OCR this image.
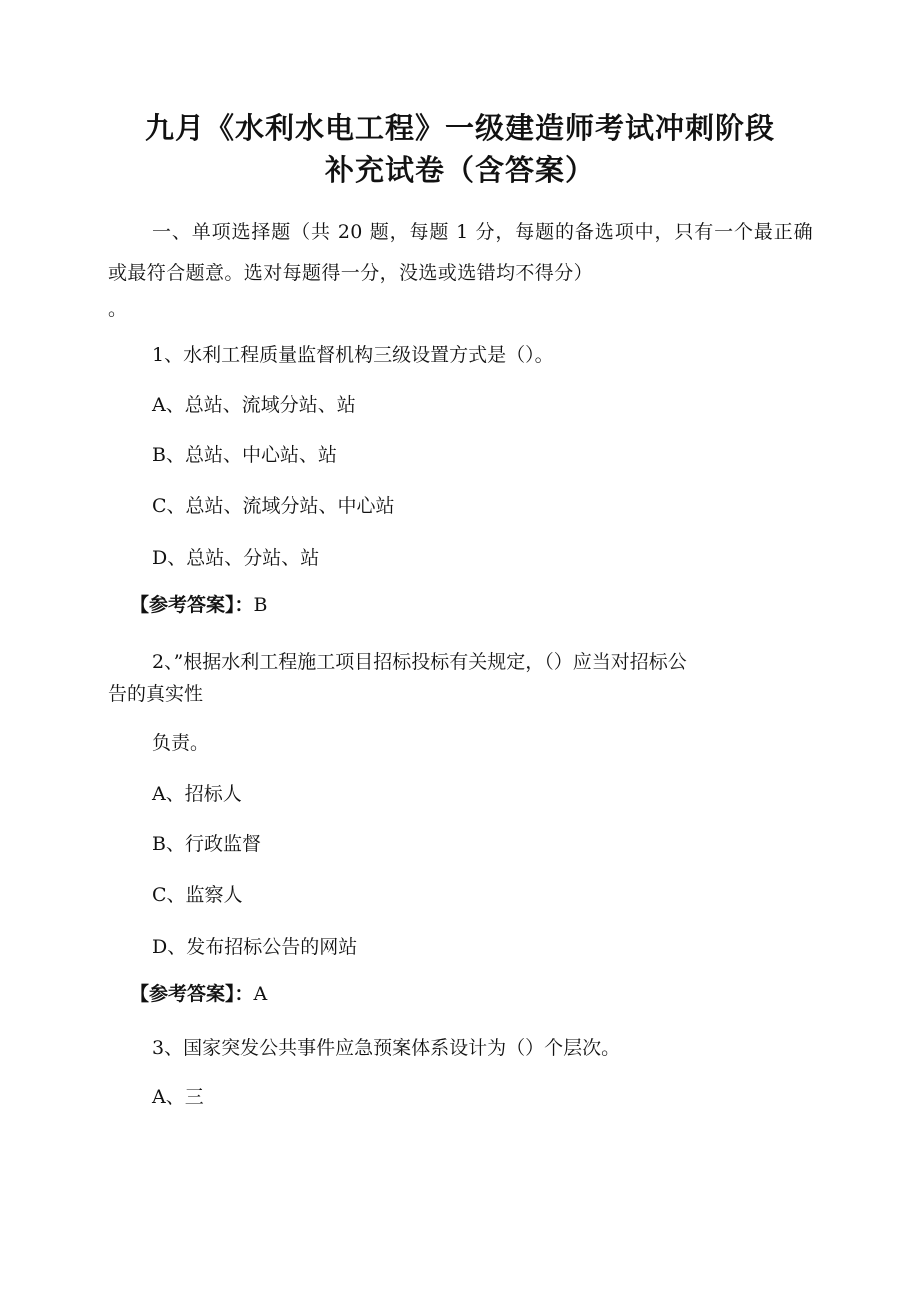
九月《水利水电工程》一级建造师考试冲刺阶段
补充试卷（含答案）
一、单项选择题（共 20 题，每题 1 分，每题的备选项中，只有一个最正确或最符合题意。选对每题得一分，没选或选错均不得分）
。
1、水利工程质量监督机构三级设置方式是（）。
A、总站、流域分站、站
B、总站、中心站、站
C、总站、流域分站、中心站
D、总站、分站、站
【参考答案】：B
2、”根据水利工程施工项目招标投标有关规定，（）应当对招标公
告的真实性
负责。
A、招标人
B、行政监督
C、监察人
D、发布招标公告的网站
【参考答案】：A
3、国家突发公共事件应急预案体系设计为（）个层次。
A、三
